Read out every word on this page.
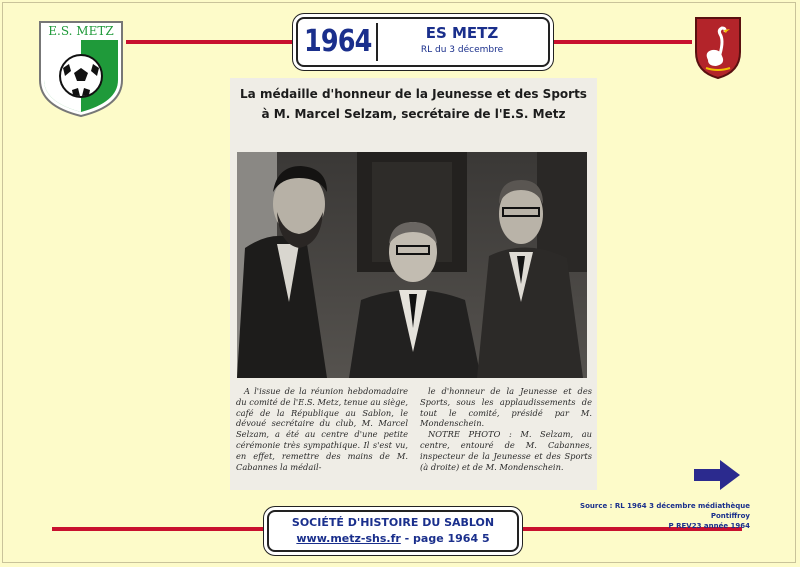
E.S. METZ	1964	ES METZ
RL du 3 décembre
La médaille d'honneur de la Jeunesse et des Sports
à M. Marcel Selzam, secrétaire de l'E.S. Metz

A l'issue de la réunion hebdomadaire du comité de l'E.S. Metz, tenue au siège, café de la République au Sablon, le dévoué secrétaire du club, M. Marcel Selzam, a été au centre d'une petite cérémonie très sympathique. Il s'est vu, en effet, remettre des mains de M. Cabannes la médail-

le d'honneur de la Jeunesse et des Sports, sous les applaudissements de tout le comité, présidé par M. Mondenschein.

NOTRE PHOTO : M. Selzam, au centre, entouré de M. Cabannes, inspecteur de la Jeunesse et des Sports (à droite) et de M. Mondenschein.

Source : RL 1964 3 décembre médiathèque Pontiffroy
P REV23 année 1964
SOCIÉTÉ D'HISTOIRE DU SABLON
www.metz-shs.fr - page 1964 5
